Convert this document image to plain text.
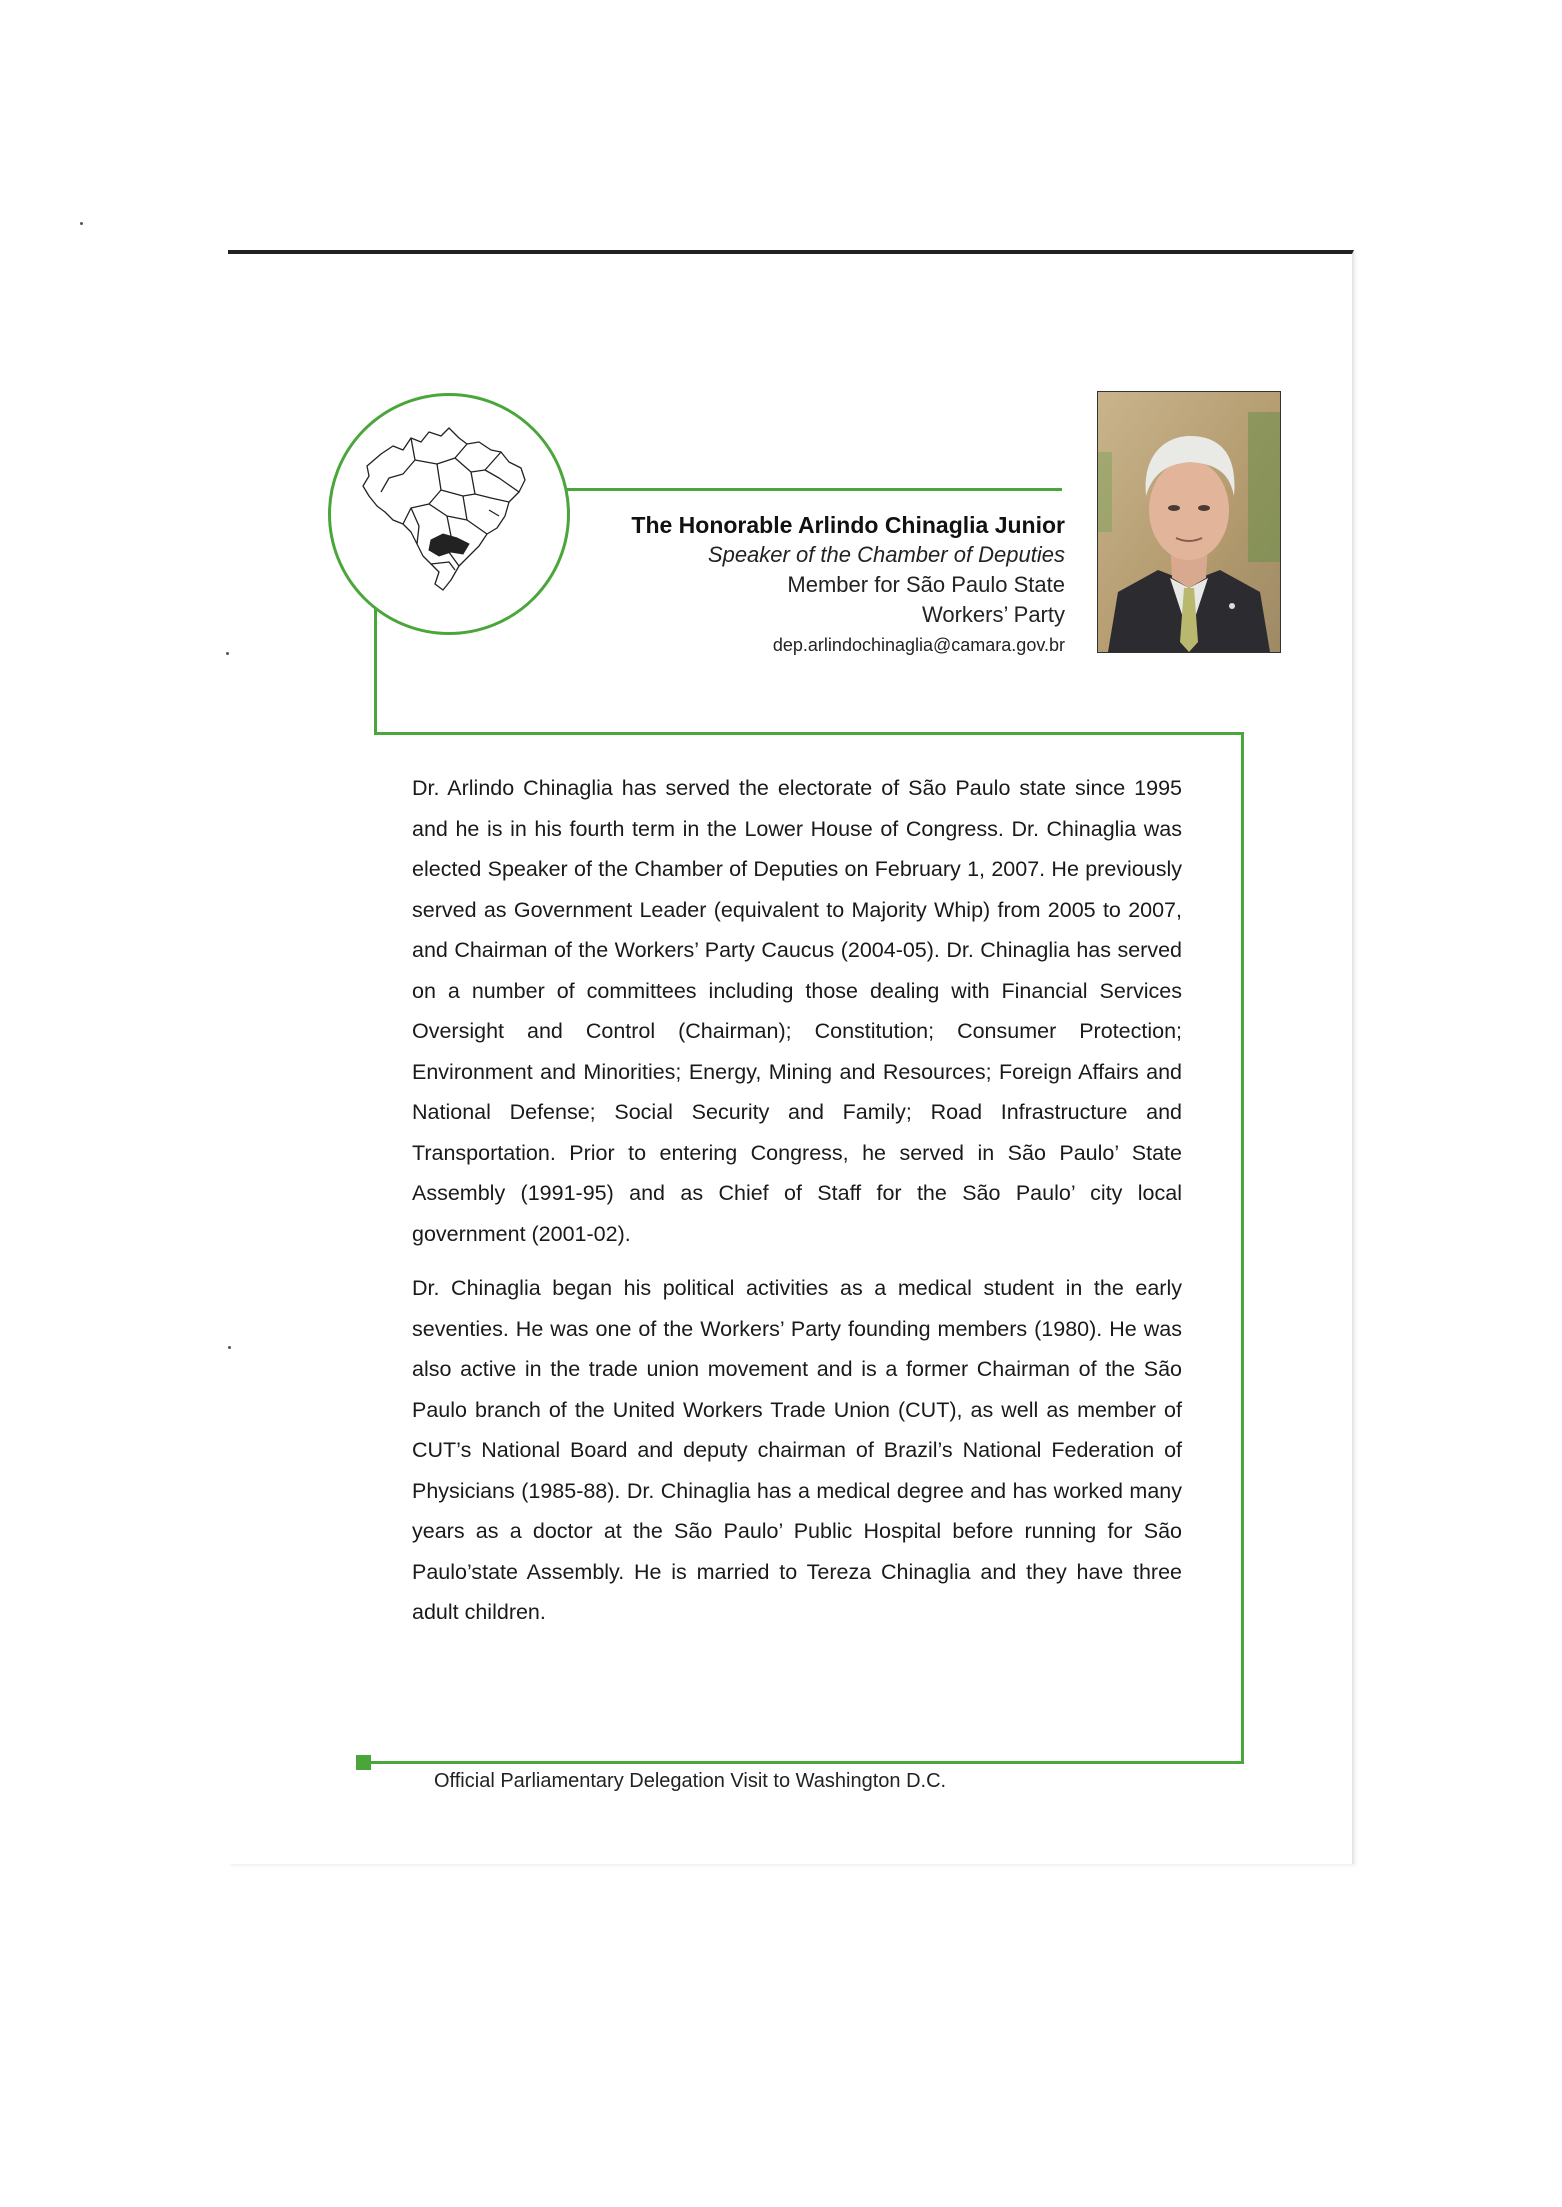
The Honorable Arlindo Chinaglia Junior
Speaker of the Chamber of Deputies
Member for São Paulo State
Workers’ Party
dep.arlindochinaglia@camara.gov.br

Dr. Arlindo Chinaglia has served the electorate of São Paulo state since 1995 and he is in his fourth term in the Lower House of Congress. Dr. Chinaglia was elected Speaker of the Chamber of Deputies on February 1, 2007. He previously served as Government Leader (equivalent to Majority Whip) from 2005 to 2007, and Chairman of the Workers’ Party Caucus (2004-05). Dr. Chinaglia has served on a number of committees including those dealing with Financial Services Oversight and Control (Chairman); Constitution; Consumer Protection; Environment and Minorities; Energy, Mining and Resources; Foreign Affairs and National Defense; Social Security and Family; Road Infrastructure and Transportation. Prior to entering Congress, he served in São Paulo’ State Assembly (1991-95) and as Chief of Staff for the São Paulo’ city local government (2001-02).

Dr. Chinaglia began his political activities as a medical student in the early seventies. He was one of the Workers’ Party founding members (1980). He was also active in the trade union movement and is a former Chairman of the São Paulo branch of the United Workers Trade Union (CUT), as well as member of CUT’s National Board and deputy chairman of Brazil’s National Federation of Physicians (1985-88). Dr. Chinaglia has a medical degree and has worked many years as a doctor at the São Paulo’ Public Hospital before running for São Paulo’state Assembly. He is married to Tereza Chinaglia and they have three adult children.

Official Parliamentary Delegation Visit to Washington D.C.
